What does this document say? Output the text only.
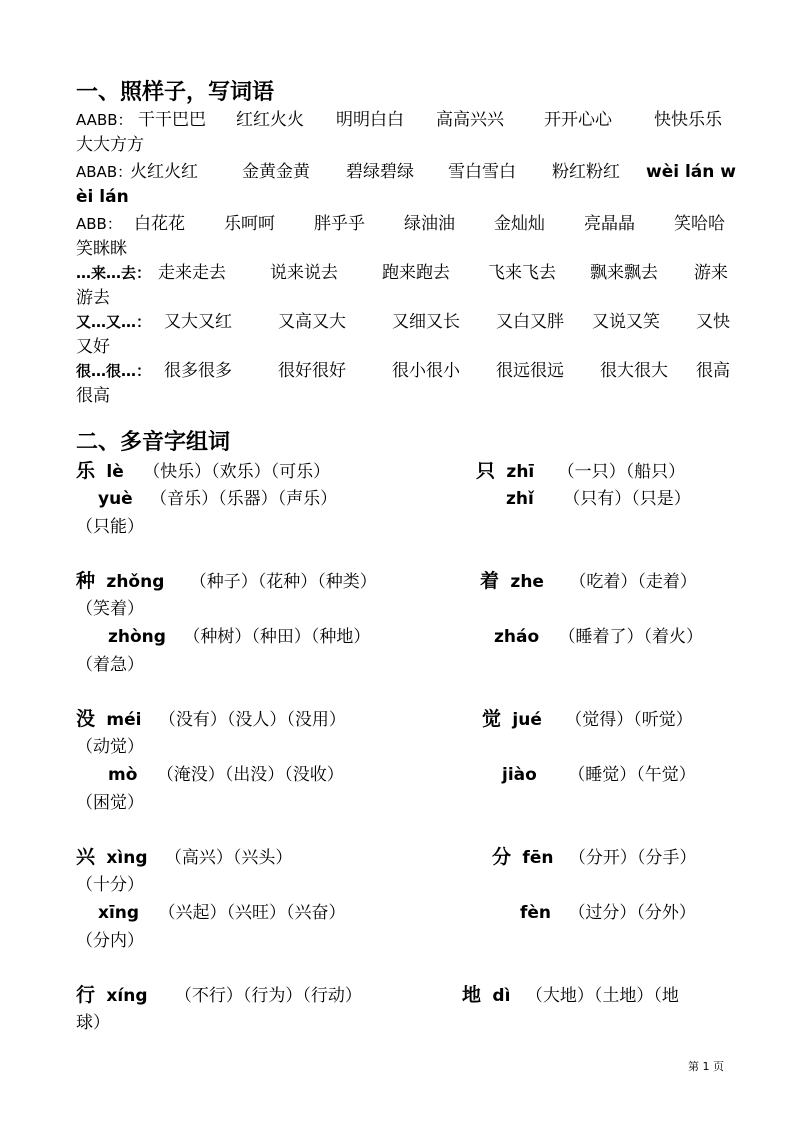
一、照样子，写词语
AABB： 干干巴巴 红红火火 明明白白 高高兴兴 开开心心 快快乐乐
大大方方
ABAB：
火红火红	金黄金黄 碧绿碧绿 雪白雪白 粉红粉红 wèi lán w
èi lán
ABB： 白花花 乐呵呵 胖乎乎 绿油油 金灿灿 亮晶晶 笑哈哈
笑眯眯
…来…去： 走来走去	说来说去	跑来跑去 飞来飞去 飘来飘去 游来
游去
又…又…： 又大又红	又高又大	又细又长 又白又胖 又说又笑 又快
又好
很…很…： 很多很多	很好很好	很小很小 很远很远 很大很大 很高
很高
二、多音字组词
乐 lè （快乐）（欢乐）（可乐）	只 zhī （一只）（船只）
yuè （音乐）（乐器）（声乐）	zhǐ （只有）（只是）
（只能）
种 zhǒng （种子）（花种）（种类）	着 zhe （吃着）（走着）
（笑着）
zhòng （种树）（种田）（种地）	zháo （睡着了）（着火）
（着急）
没 méi （没有）（没人）（没用）	觉 jué （觉得）（听觉）
（动觉）
mò （淹没）（出没）（没收）	jiào （睡觉）（午觉）
（困觉）
兴 xìng （高兴）（兴头）	分 fēn （分开）（分手）
（十分）
xīng （兴起）（兴旺）（兴奋）	fèn （过分）（分外）
（分内）
行 xíng （不行）（行为）（行动）	地 dì （大地）（土地）（地
球）
第 1 页
